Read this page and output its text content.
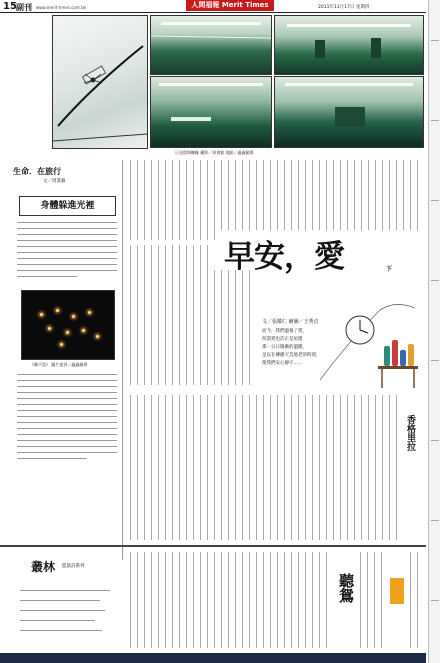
15 副刊 www.merit-times.com.tw	人間福報 Merit Times	2011年11月17日 星期四
日光燈與蜘蛛 攝影／周書毅 地點／蟲蟲劇場
生命．在旅行
文／周書毅
身體躲進光裡
《關不島》 圖片提供／蟲蟲劇場
早安，愛	下
文／張耀仁 繪圖／王秀貞
而今，我們溫養了愛，
所謂愛也許正是屋僅
那一日日陽漸的溫暖，
足以在傳播天荒地老的時刻，
使我們安心靜守……
香格里拉
叢林 監獄詩系列
聽鴛
